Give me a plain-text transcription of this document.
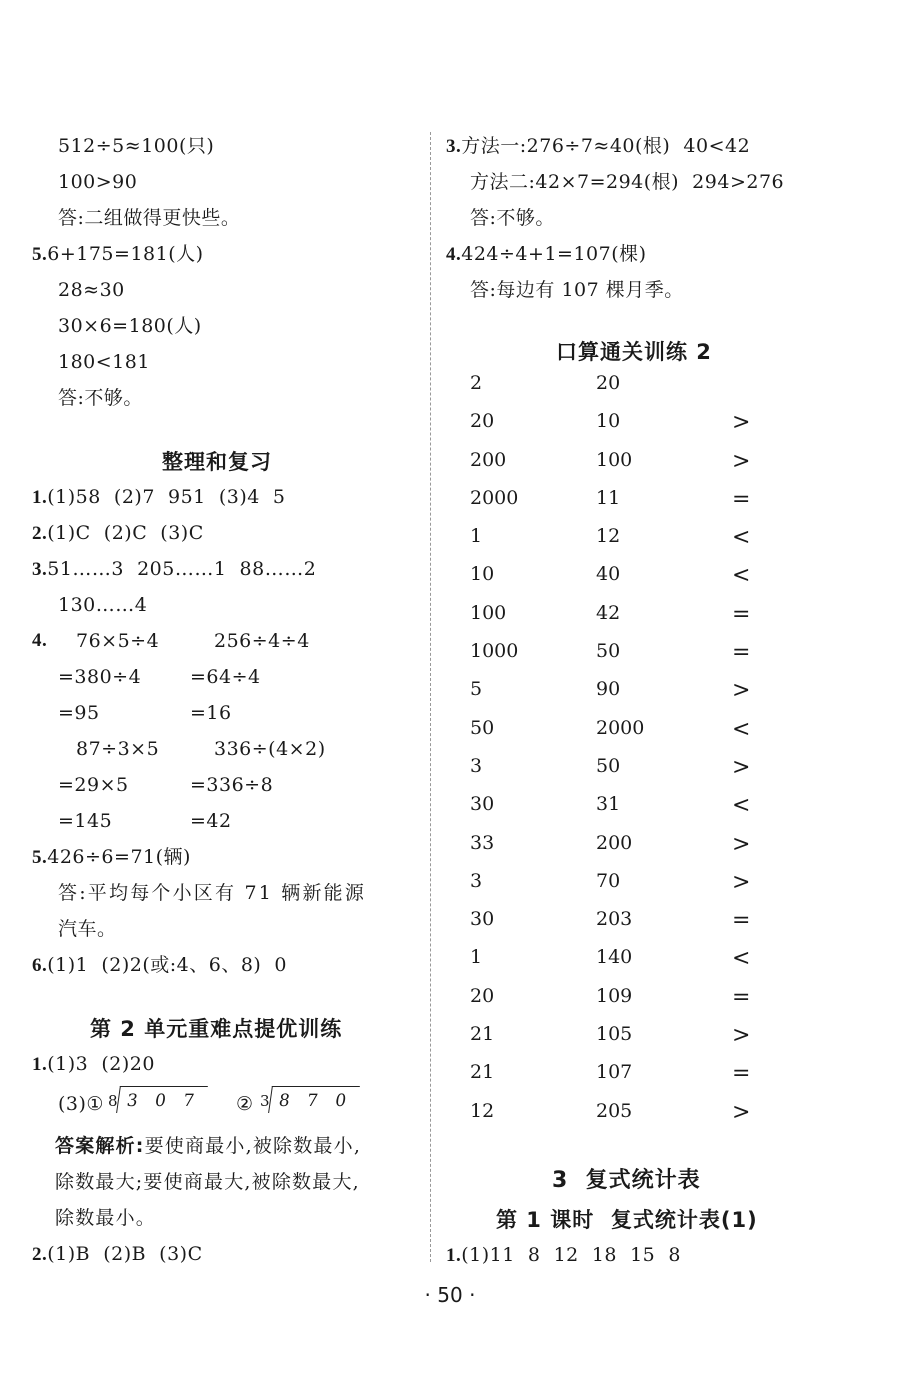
512÷5≈100(只)
100>90
答:二组做得更快些。
5.6+175=181(人)
28≈30
30×6=180(人)
180<181
答:不够。
整理和复习
1.(1)58  (2)7  951  (3)4  5
2.(1)C  (2)C  (3)C
3.51……3  205……1  88……2
130……4
4. 76×5÷4	256÷4÷4
=380÷4	=64÷4
=95	=16
87÷3×5	336÷(4×2)
=29×5	=336÷8
=145	=42
5.426÷6=71(辆)
答:平均每个小区有 71 辆新能源
汽车。
6.(1)1  (2)2(或:4、6、8)  0
第 2 单元重难点提优训练
1.(1)3  (2)20
(3)① 8 3 0 7 ② 3 8 7 0
答案解析:要使商最小,被除数最小,
除数最大;要使商最大,被除数最大,
除数最小。
2.(1)B  (2)B  (3)C
3.方法一:276÷7≈40(根)  40<42
方法二:42×7=294(根)  294>276
答:不够。
4.424÷4+1=107(棵)
答:每边有 107 棵月季。
口算通关训练 2
2	20
20	10	>
200	100	>
2000	11	=
1	12	<
10	40	<
100	42	=
1000	50	=
5	90	>
50	2000	<
3	50	>
30	31	<
33	200	>
3	70	>
30	203	=
1	140	<
20	109	=
21	105	>
21	107	=
12	205	>
3  复式统计表
第 1 课时  复式统计表(1)
1.(1)11  8  12  18  15  8
· 50 ·
